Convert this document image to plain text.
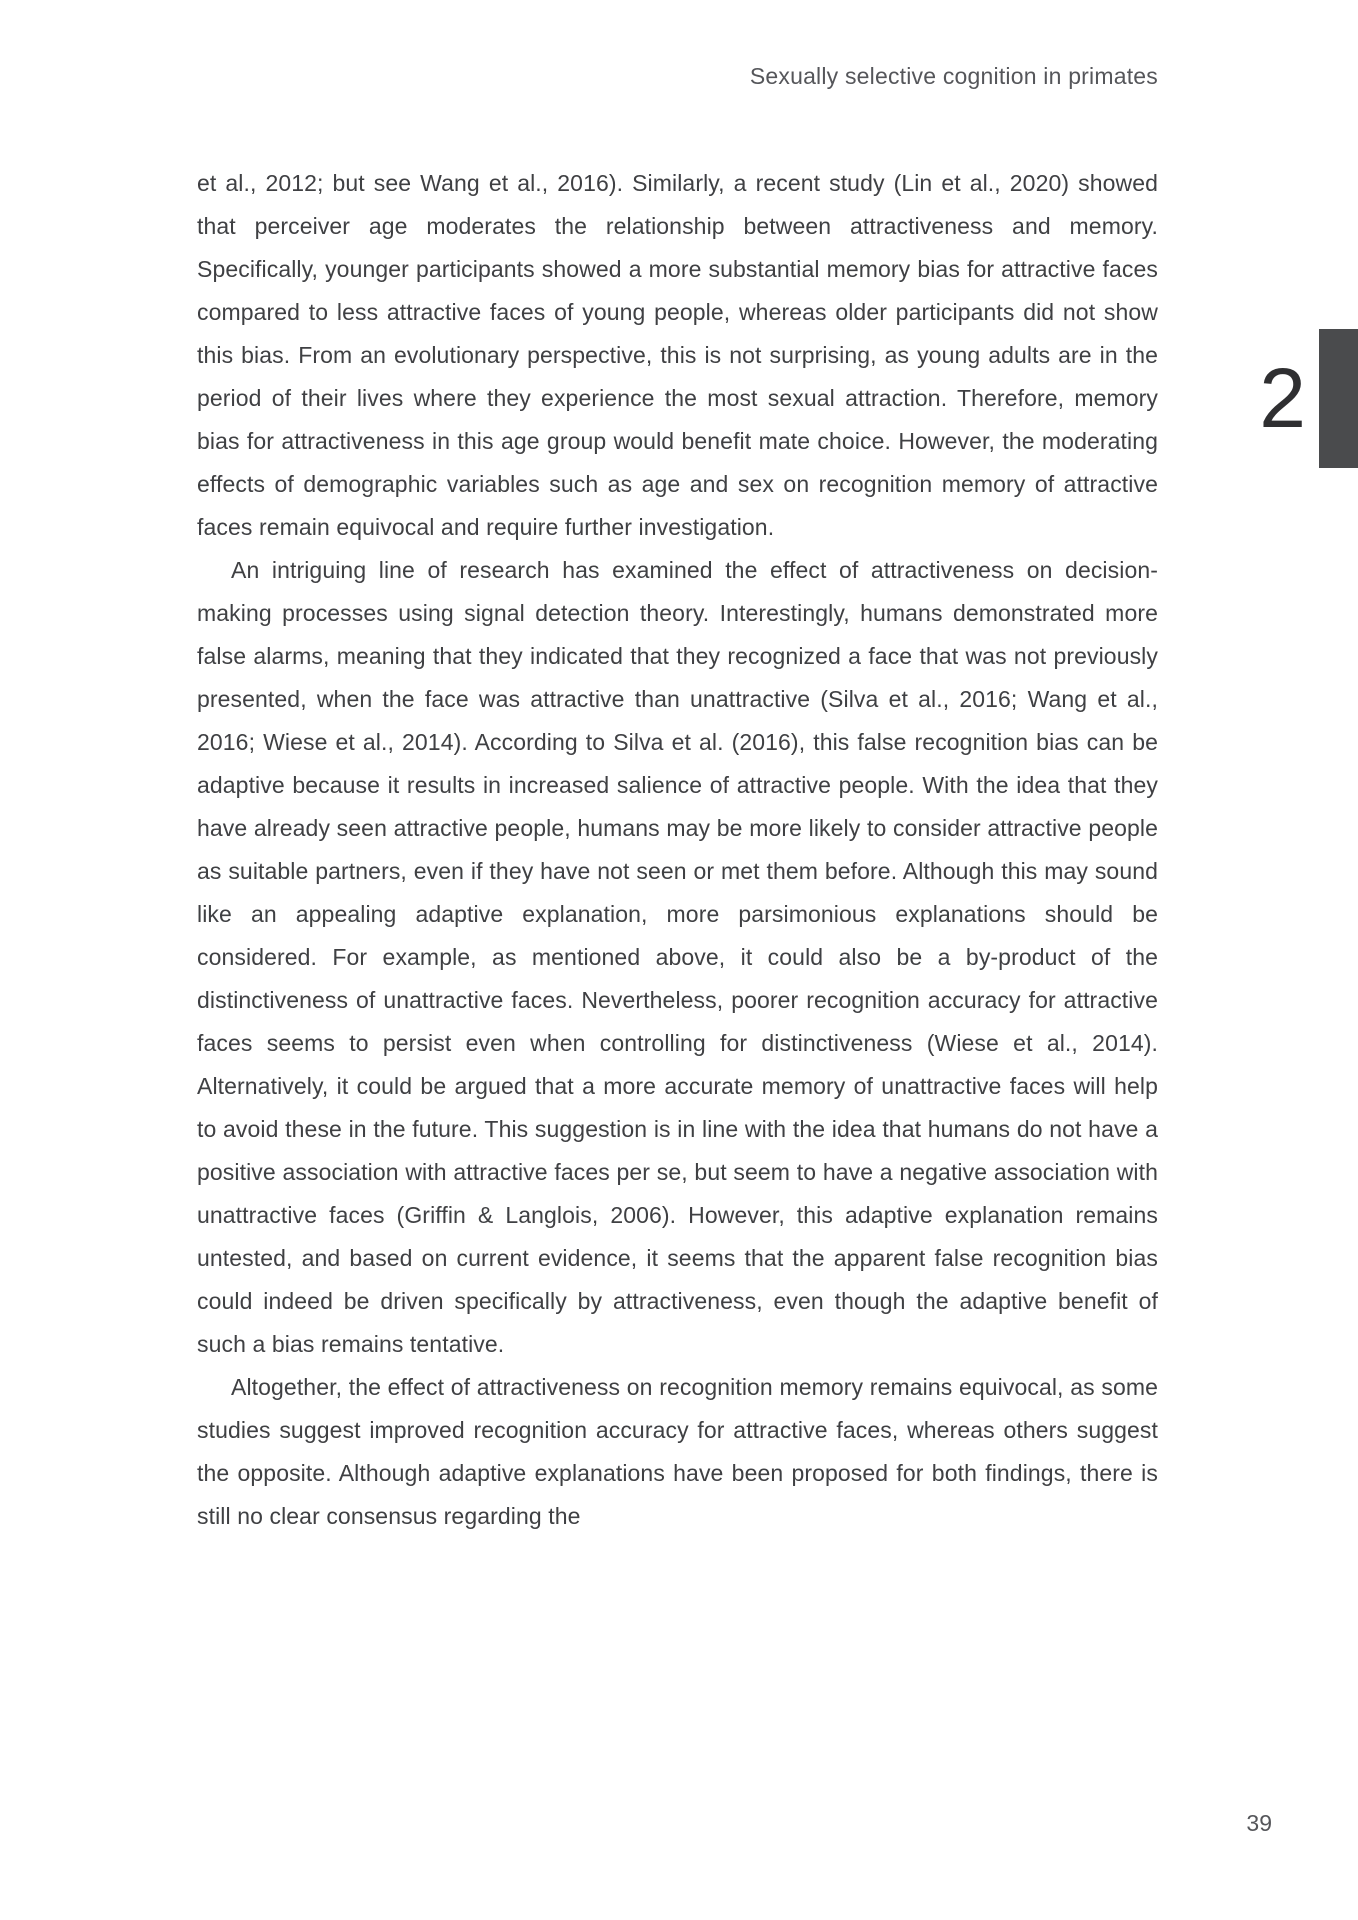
Sexually selective cognition in primates

et al., 2012; but see Wang et al., 2016). Similarly, a recent study (Lin et al., 2020) showed that perceiver age moderates the relationship between attractiveness and memory. Specifically, younger participants showed a more substantial memory bias for attractive faces compared to less attractive faces of young people, whereas older participants did not show this bias. From an evolutionary perspective, this is not surprising, as young adults are in the period of their lives where they experience the most sexual attraction. Therefore, memory bias for attractiveness in this age group would benefit mate choice. However, the moderating effects of demographic variables such as age and sex on recognition memory of attractive faces remain equivocal and require further investigation.

An intriguing line of research has examined the effect of attractiveness on decision-making processes using signal detection theory. Interestingly, humans demonstrated more false alarms, meaning that they indicated that they recognized a face that was not previously presented, when the face was attractive than unattractive (Silva et al., 2016; Wang et al., 2016; Wiese et al., 2014). According to Silva et al. (2016), this false recognition bias can be adaptive because it results in increased salience of attractive people. With the idea that they have already seen attractive people, humans may be more likely to consider attractive people as suitable partners, even if they have not seen or met them before. Although this may sound like an appealing adaptive explanation, more parsimonious explanations should be considered. For example, as mentioned above, it could also be a by-product of the distinctiveness of unattractive faces. Nevertheless, poorer recognition accuracy for attractive faces seems to persist even when controlling for distinctiveness (Wiese et al., 2014). Alternatively, it could be argued that a more accurate memory of unattractive faces will help to avoid these in the future. This suggestion is in line with the idea that humans do not have a positive association with attractive faces per se, but seem to have a negative association with unattractive faces (Griffin & Langlois, 2006). However, this adaptive explanation remains untested, and based on current evidence, it seems that the apparent false recognition bias could indeed be driven specifically by attractiveness, even though the adaptive benefit of such a bias remains tentative.

Altogether, the effect of attractiveness on recognition memory remains equivocal, as some studies suggest improved recognition accuracy for attractive faces, whereas others suggest the opposite. Although adaptive explanations have been proposed for both findings, there is still no clear consensus regarding the

2
39
